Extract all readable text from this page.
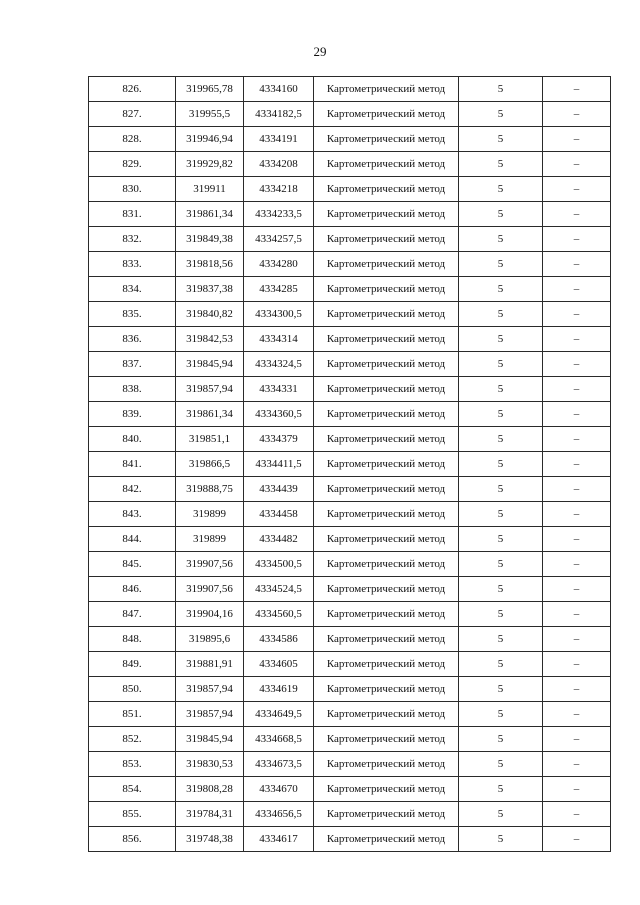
29
826.	319965,78	4334160	Картометрический метод	5	–
827.	319955,5	4334182,5	Картометрический метод	5	–
828.	319946,94	4334191	Картометрический метод	5	–
829.	319929,82	4334208	Картометрический метод	5	–
830.	319911	4334218	Картометрический метод	5	–
831.	319861,34	4334233,5	Картометрический метод	5	–
832.	319849,38	4334257,5	Картометрический метод	5	–
833.	319818,56	4334280	Картометрический метод	5	–
834.	319837,38	4334285	Картометрический метод	5	–
835.	319840,82	4334300,5	Картометрический метод	5	–
836.	319842,53	4334314	Картометрический метод	5	–
837.	319845,94	4334324,5	Картометрический метод	5	–
838.	319857,94	4334331	Картометрический метод	5	–
839.	319861,34	4334360,5	Картометрический метод	5	–
840.	319851,1	4334379	Картометрический метод	5	–
841.	319866,5	4334411,5	Картометрический метод	5	–
842.	319888,75	4334439	Картометрический метод	5	–
843.	319899	4334458	Картометрический метод	5	–
844.	319899	4334482	Картометрический метод	5	–
845.	319907,56	4334500,5	Картометрический метод	5	–
846.	319907,56	4334524,5	Картометрический метод	5	–
847.	319904,16	4334560,5	Картометрический метод	5	–
848.	319895,6	4334586	Картометрический метод	5	–
849.	319881,91	4334605	Картометрический метод	5	–
850.	319857,94	4334619	Картометрический метод	5	–
851.	319857,94	4334649,5	Картометрический метод	5	–
852.	319845,94	4334668,5	Картометрический метод	5	–
853.	319830,53	4334673,5	Картометрический метод	5	–
854.	319808,28	4334670	Картометрический метод	5	–
855.	319784,31	4334656,5	Картометрический метод	5	–
856.	319748,38	4334617	Картометрический метод	5	–
